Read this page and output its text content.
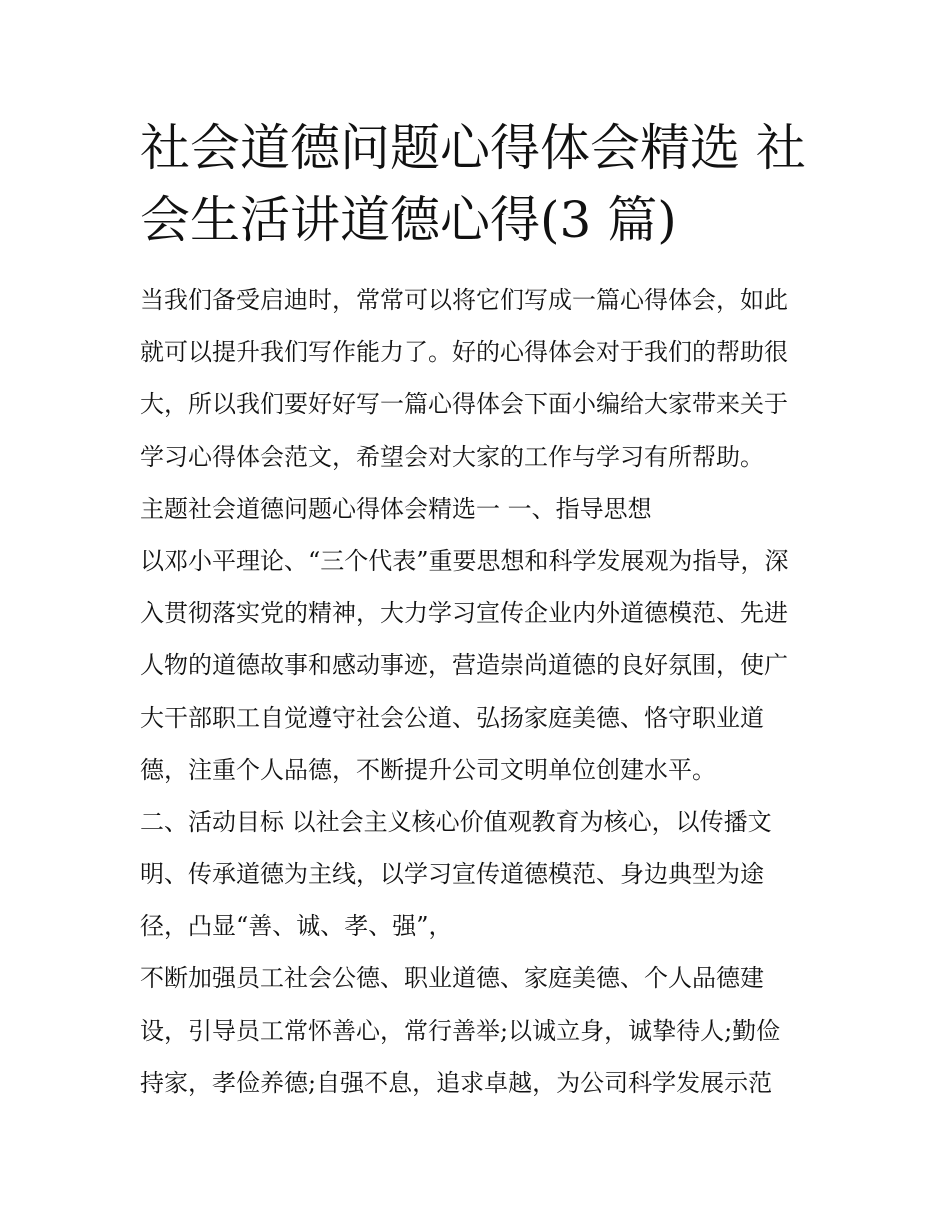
社会道德问题心得体会精选 社
会生活讲道德心得(3 篇)
当我们备受启迪时，常常可以将它们写成一篇心得体会，如此
就可以提升我们写作能力了。好的心得体会对于我们的帮助很
大，所以我们要好好写一篇心得体会下面小编给大家带来关于
学习心得体会范文，希望会对大家的工作与学习有所帮助。
主题社会道德问题心得体会精选一 一、指导思想
以邓小平理论、“三个代表”重要思想和科学发展观为指导，深
入贯彻落实党的精神，大力学习宣传企业内外道德模范、先进
人物的道德故事和感动事迹，营造崇尚道德的良好氛围，使广
大干部职工自觉遵守社会公道、弘扬家庭美德、恪守职业道
德，注重个人品德，不断提升公司文明单位创建水平。
二、活动目标 以社会主义核心价值观教育为核心，以传播文
明、传承道德为主线，以学习宣传道德模范、身边典型为途
径，凸显“善、诚、孝、强”，
不断加强员工社会公德、职业道德、家庭美德、个人品德建
设，引导员工常怀善心，常行善举;以诚立身，诚挚待人;勤俭
持家，孝俭养德;自强不息，追求卓越，为公司科学发展示范
